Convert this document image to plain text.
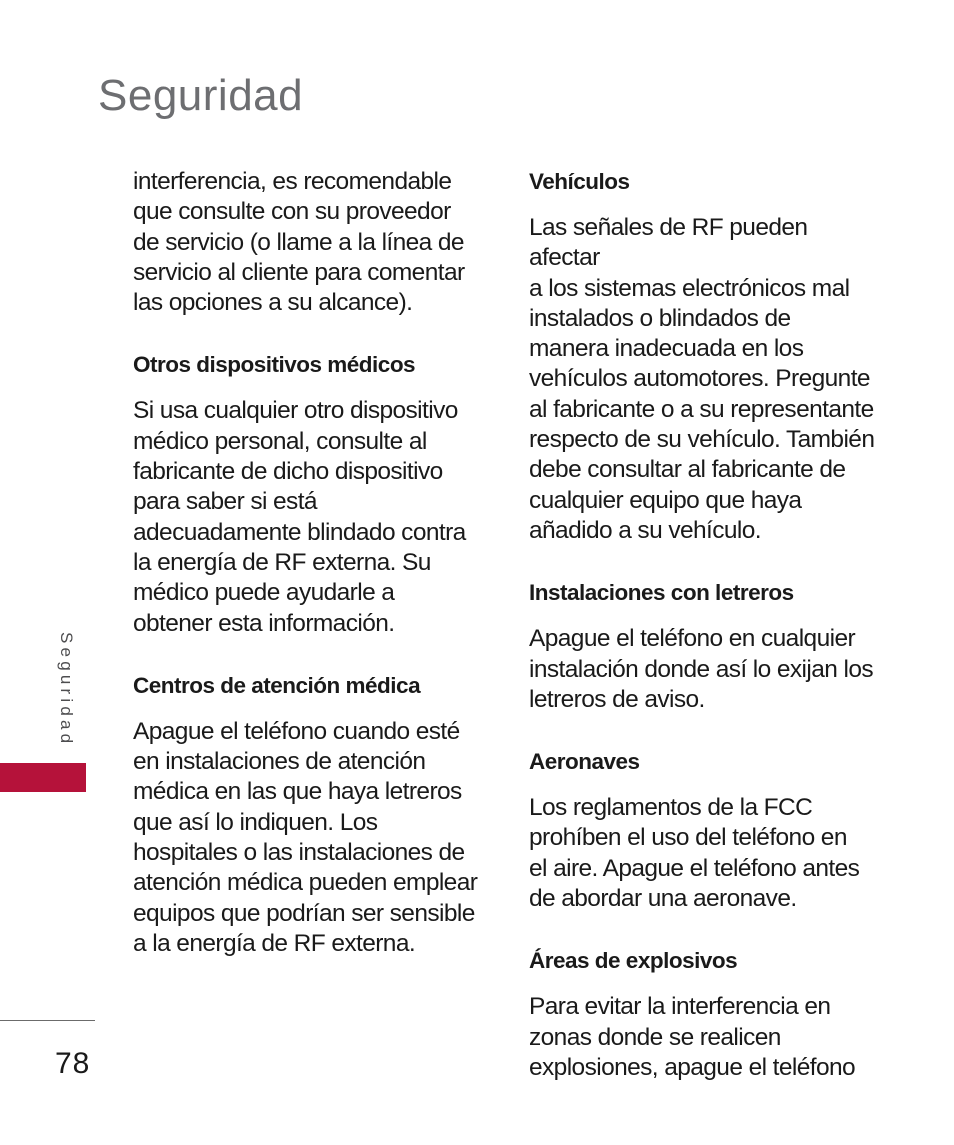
Seguridad

interferencia, es recomendable
que consulte con su proveedor
de servicio (o llame a la línea de
servicio al cliente para comentar
las opciones a su alcance).

Otros dispositivos médicos

Si usa cualquier otro dispositivo
médico personal, consulte al
fabricante de dicho dispositivo
para saber si está
adecuadamente blindado contra
la energía de RF externa. Su
médico puede ayudarle a
obtener esta información.

Centros de atención médica

Apague el teléfono cuando esté
en instalaciones de atención
médica en las que haya letreros
que así lo indiquen. Los
hospitales o las instalaciones de
atención médica pueden emplear
equipos que podrían ser sensible
a la energía de RF externa.

Vehículos

Las señales de RF pueden afectar
a los sistemas electrónicos mal
instalados o blindados de
manera inadecuada en los
vehículos automotores. Pregunte
al fabricante o a su representante
respecto de su vehículo. También
debe consultar al fabricante de
cualquier equipo que haya
añadido a su vehículo.

Instalaciones con letreros

Apague el teléfono en cualquier
instalación donde así lo exijan los
letreros de aviso.

Aeronaves

Los reglamentos de la FCC
prohíben el uso del teléfono en
el aire. Apague el teléfono antes
de abordar una aeronave.

Áreas de explosivos

Para evitar la interferencia en
zonas donde se realicen
explosiones, apague el teléfono

Seguridad
78
